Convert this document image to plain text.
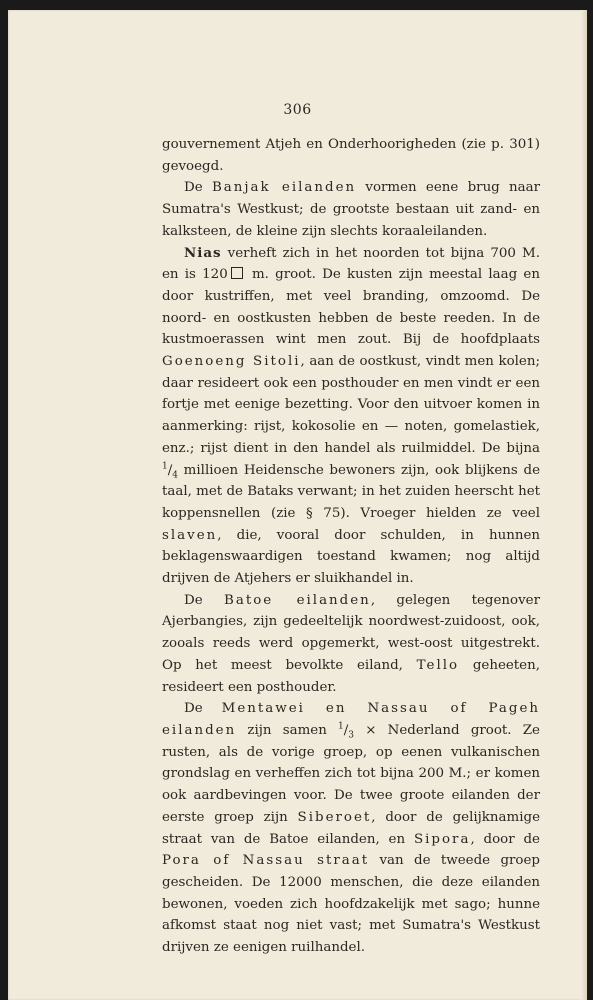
306

gouvernement Atjeh en Onderhoorigheden (zie p. 301) gevoegd.

De Banjak eilanden vormen eene brug naar Sumatra's Westkust; de grootste bestaan uit zand- en kalksteen, de kleine zijn slechts koraaleilanden.

Nias verheft zich in het noorden tot bijna 700 M. en is 120 m. groot. De kusten zijn meestal laag en door kustriffen, met veel branding, omzoomd. De noord- en oostkusten hebben de beste reeden. In de kustmoerassen wint men zout. Bij de hoofdplaats Goenoeng Sitoli, aan de oostkust, vindt men kolen; daar resideert ook een posthouder en men vindt er een fortje met eenige bezetting. Voor den uitvoer komen in aanmerking: rijst, kokosolie en — noten, gomelastiek, enz.; rijst dient in den handel als ruilmiddel. De bijna $^1/_4$ millioen Heidensche bewoners zijn, ook blijkens de taal, met de Bataks verwant; in het zuiden heerscht het koppensnellen (zie § 75). Vroeger hielden ze veel slaven, die, vooral door schulden, in hunnen beklagenswaardigen toestand kwamen; nog altijd drijven de Atjehers er sluikhandel in.

De Batoe eilanden, gelegen tegenover Ajerbangies, zijn gedeeltelijk noordwest-zuidoost, ook, zooals reeds werd opgemerkt, west-oost uitgestrekt. Op het meest bevolkte eiland, Tello geheeten, resideert een posthouder.

De Mentawei en Nassau of Pageh eilanden zijn samen $^1/_3$ × Nederland groot. Ze rusten, als de vorige groep, op eenen vulkanischen grondslag en verheffen zich tot bijna 200 M.; er komen ook aardbevingen voor. De twee groote eilanden der eerste groep zijn Siberoet, door de gelijknamige straat van de Batoe eilanden, en Sipora, door de Pora of Nassau straat van de tweede groep gescheiden. De 12000 menschen, die deze eilanden bewonen, voeden zich hoofdzakelijk met sago; hunne afkomst staat nog niet vast; met Sumatra's Westkust drijven ze eenigen ruilhandel.
